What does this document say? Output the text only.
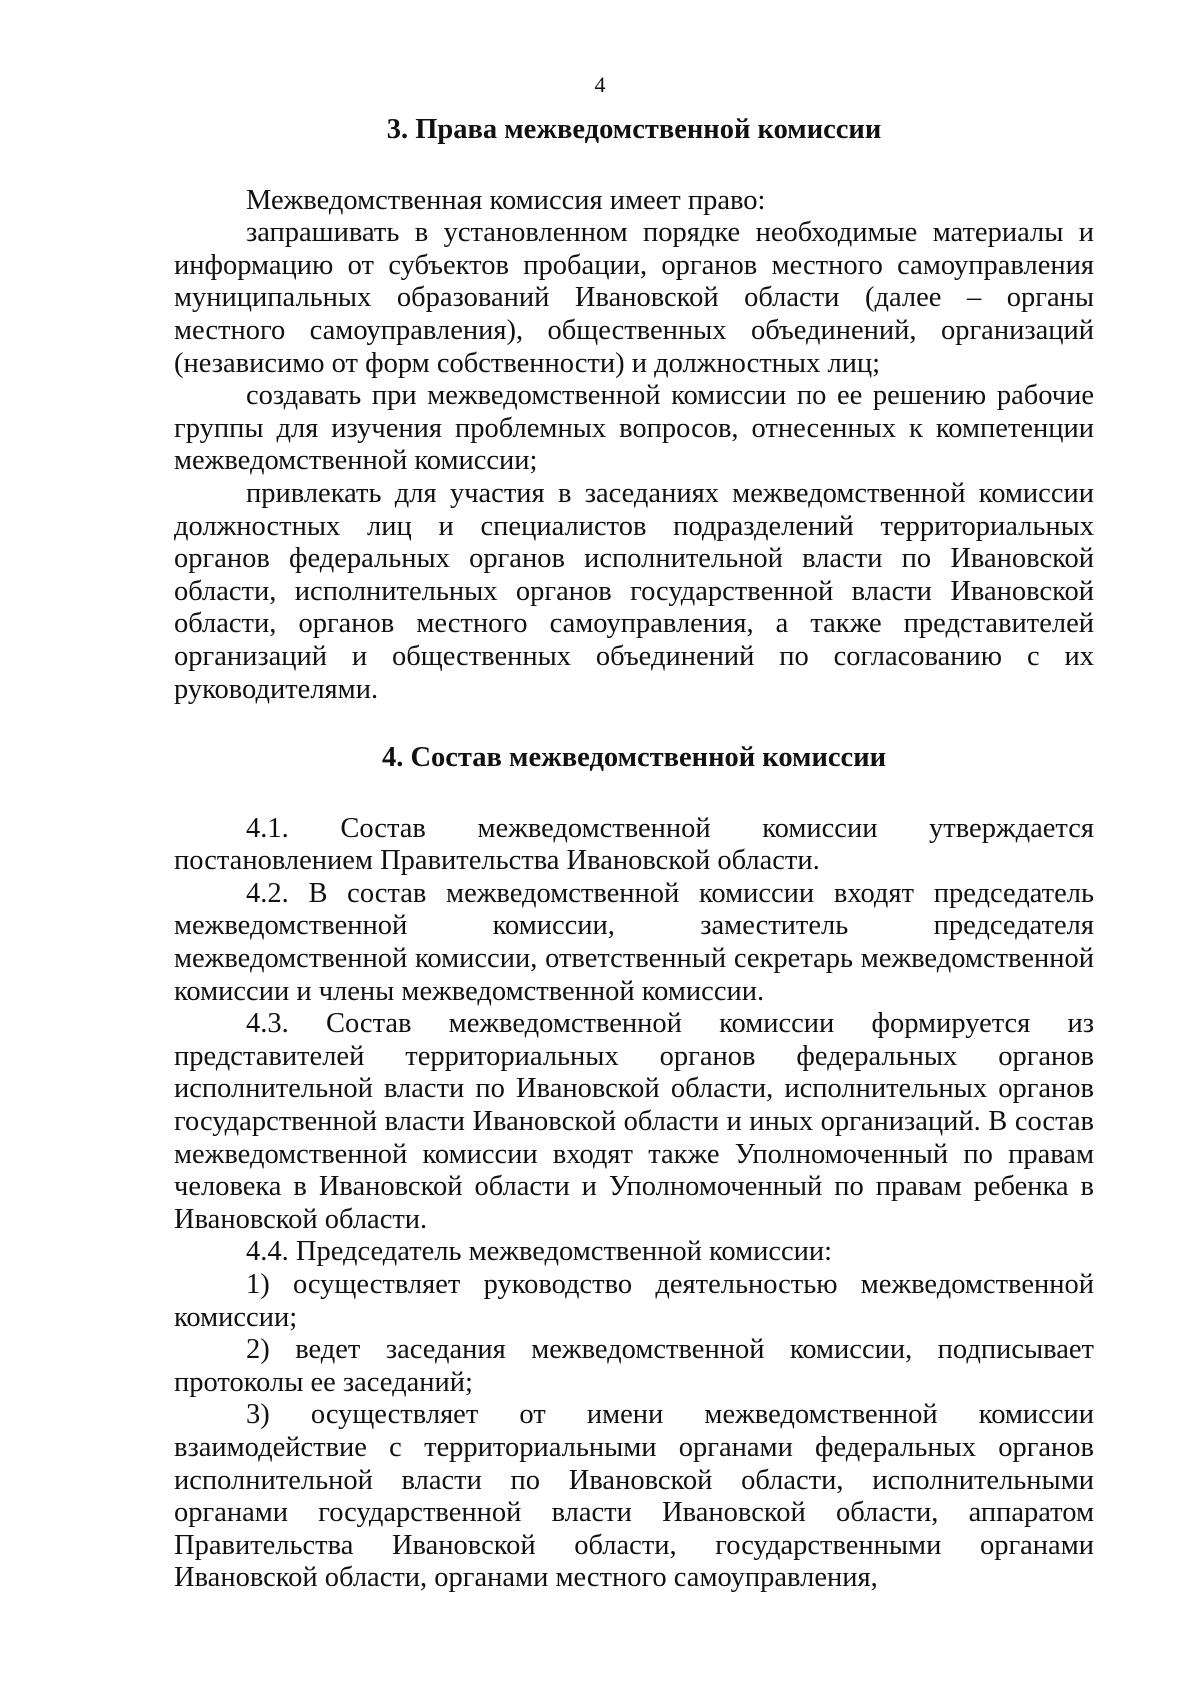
4
3. Права межведомственной комиссии

Межведомственная комиссия имеет право:

запрашивать в установленном порядке необходимые материалы и информацию от субъектов пробации, органов местного самоуправления муниципальных образований Ивановской области (далее – органы местного самоуправления), общественных объединений, организаций (независимо от форм собственности) и должностных лиц;

создавать при межведомственной комиссии по ее решению рабочие группы для изучения проблемных вопросов, отнесенных к компетенции межведомственной комиссии;

привлекать для участия в заседаниях межведомственной комиссии должностных лиц и специалистов подразделений территориальных органов федеральных органов исполнительной власти по Ивановской области, исполнительных органов государственной власти Ивановской области, органов местного самоуправления, а также представителей организаций и общественных объединений по согласованию с их руководителями.

4. Состав межведомственной комиссии

4.1. Состав межведомственной комиссии утверждается постановлением Правительства Ивановской области.

4.2. В состав межведомственной комиссии входят председатель межведомственной комиссии, заместитель председателя межведомственной комиссии, ответственный секретарь межведомственной комиссии и члены межведомственной комиссии.

4.3. Состав межведомственной комиссии формируется из представителей территориальных органов федеральных органов исполнительной власти по Ивановской области, исполнительных органов государственной власти Ивановской области и иных организаций. В состав межведомственной комиссии входят также Уполномоченный по правам человека в Ивановской области и Уполномоченный по правам ребенка в Ивановской области.

4.4. Председатель межведомственной комиссии:

1) осуществляет руководство деятельностью межведомственной комиссии;

2) ведет заседания межведомственной комиссии, подписывает протоколы ее заседаний;

3) осуществляет от имени межведомственной комиссии взаимодействие с территориальными органами федеральных органов исполнительной власти по Ивановской области, исполнительными органами государственной власти Ивановской области, аппаратом Правительства Ивановской области, государственными органами Ивановской области, органами местного самоуправления,
